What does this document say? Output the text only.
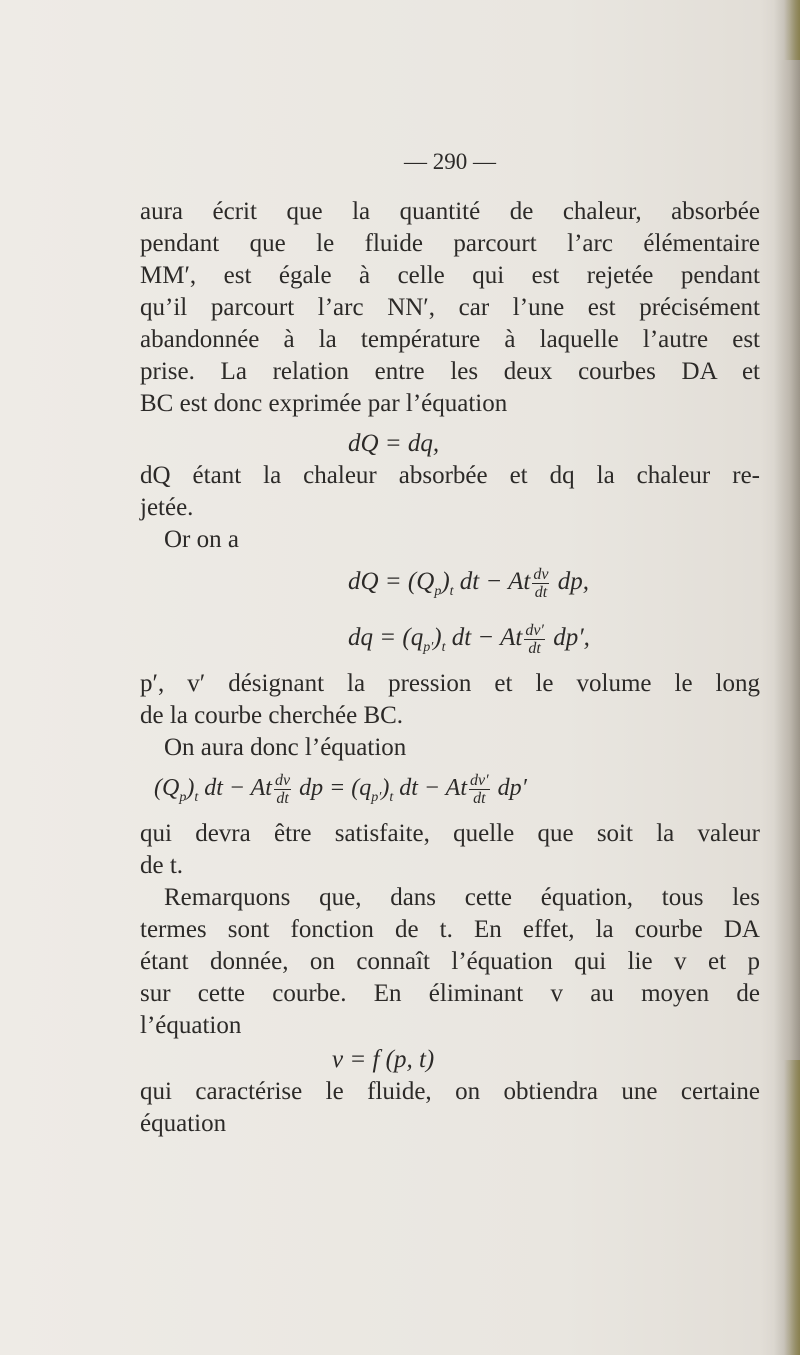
— 290 —
aura écrit que la quantité de chaleur, absorbée
pendant que le fluide parcourt l’arc élémentaire
MM′, est égale à celle qui est rejetée pendant
qu’il parcourt l’arc NN′, car l’une est précisément
abandonnée à la température à laquelle l’autre est
prise. La relation entre les deux courbes DA et
BC est donc exprimée par l’équation
dQ = dq,
dQ étant la chaleur absorbée et dq la chaleur re-
jetée.
Or on a
dQ = $(Q_p)_t$ dt − At $\frac{dv}{dt}$ dp,
dq = $(q_{p'})_t$ dt − At $\frac{dv'}{dt} dp'$,
p′, v′ désignant la pression et le volume le long
de la courbe cherchée BC.
On aura donc l’équation
$(Q_p)_t$ dt − At $\frac{dv}{dt}$ dp = $(q_{p'})_t$ dt − At $\frac{dv'}{dt} dp'$
qui devra être satisfaite, quelle que soit la valeur
de t.
Remarquons que, dans cette équation, tous les
termes sont fonction de t. En effet, la courbe DA
étant donnée, on connaît l’équation qui lie v et p
sur cette courbe. En éliminant v au moyen de
l’équation
v = f (p, t)
qui caractérise le fluide, on obtiendra une certaine
équation
